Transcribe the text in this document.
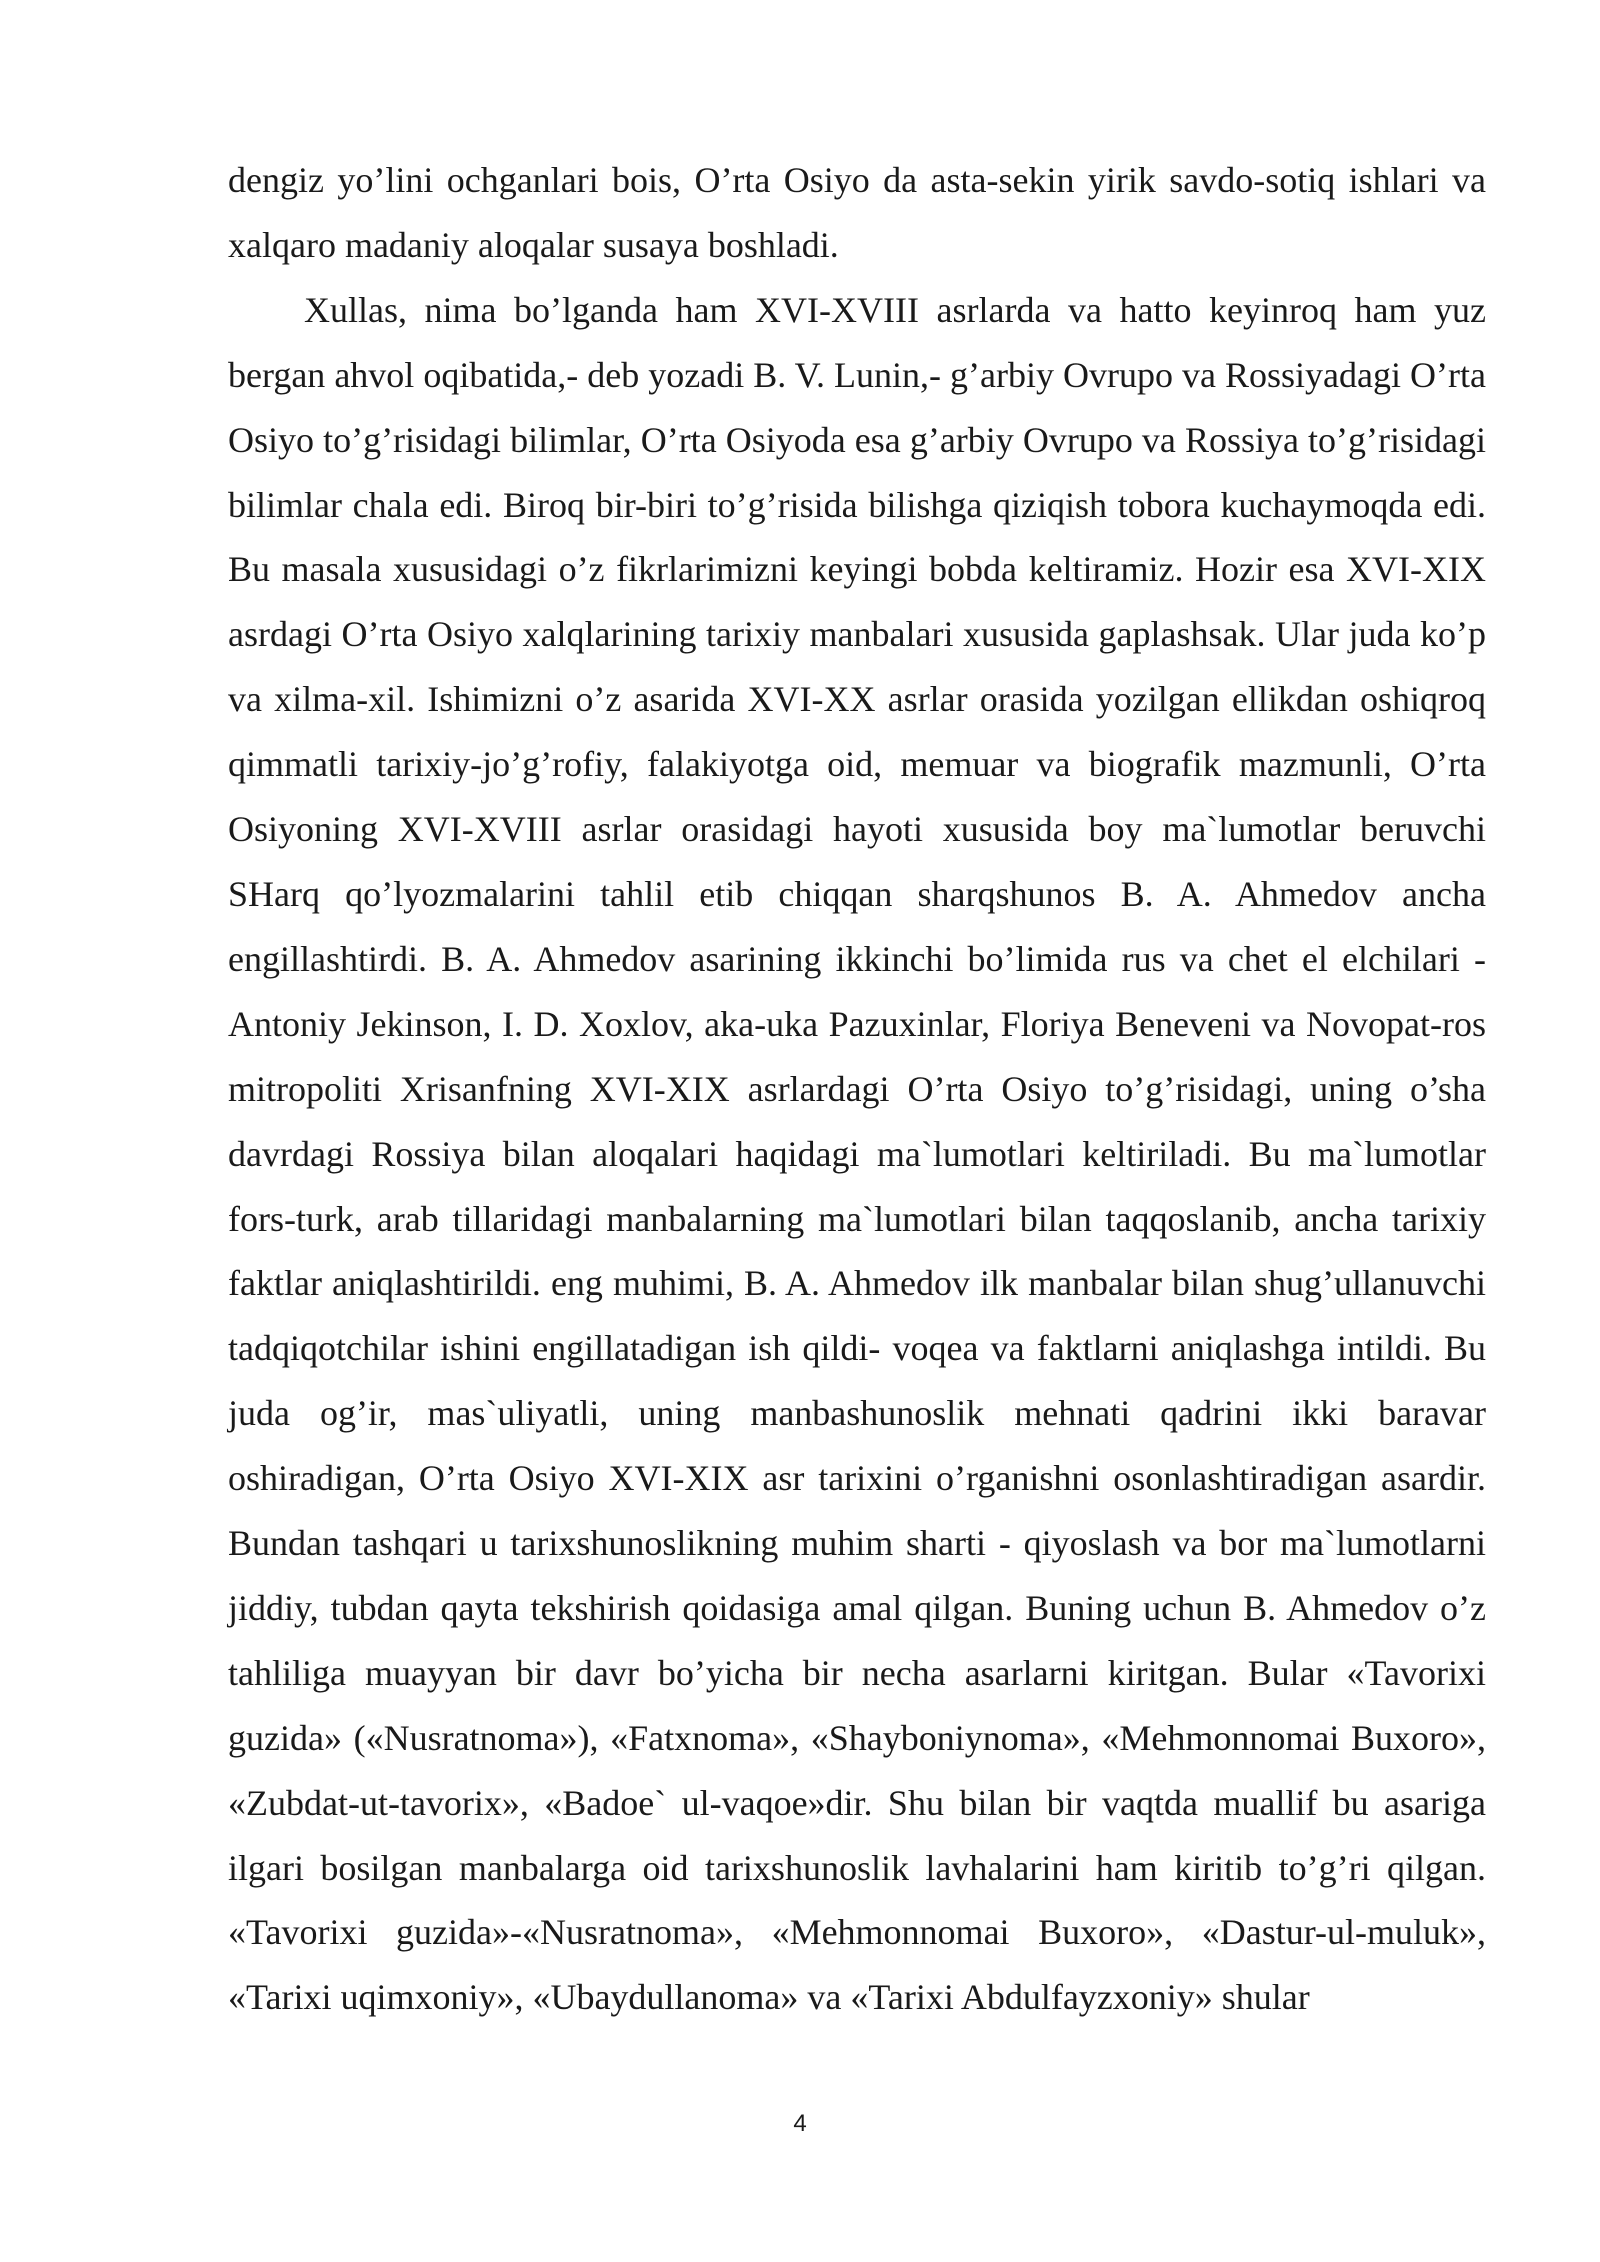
dengiz yo’lini ochganlari bois, O’rta Osiyo da asta-sekin yirik savdo-sotiq ishlari va xalqaro madaniy aloqalar susaya boshladi.

Xullas, nima bo’lganda ham XVI-XVIII asrlarda va hatto keyinroq ham yuz bergan ahvol oqibatida,- deb yozadi B. V. Lunin,- g’arbiy Ovrupo va Rossiyadagi O’rta Osiyo to’g’risidagi bilimlar, O’rta Osiyoda esa g’arbiy Ovrupo va Rossiya to’g’risidagi bilimlar chala edi. Biroq bir-biri to’g’risida bilishga qiziqish tobora kuchaymoqda edi. Bu masala xususidagi o’z fikrlarimizni keyingi bobda keltiramiz. Hozir esa XVI-XIX asrdagi O’rta Osiyo xalqlarining tarixiy manbalari xususida gaplashsak. Ular juda ko’p va xilma-xil. Ishimizni o’z asarida XVI-XX asrlar orasida yozilgan ellikdan oshiqroq qimmatli tarixiy-jo’g’rofiy, falakiyotga oid, memuar va biografik mazmunli, O’rta Osiyoning XVI-XVIII asrlar orasidagi hayoti xususida boy ma`lumotlar beruvchi SHarq qo’lyozmalarini tahlil etib chiqqan sharqshunos B. A. Ahmedov ancha engillashtirdi. B. A. Ahmedov asarining ikkinchi bo’limida rus va chet el elchilari - Antoniy Jekinson, I. D. Xoxlov, aka-uka Pazuxinlar, Floriya Beneveni va Novopat-ros mitropoliti Xrisanfning XVI-XIX asrlardagi O’rta Osiyo to’g’risidagi, uning o’sha davrdagi Rossiya bilan aloqalari haqidagi ma`lumotlari keltiriladi. Bu ma`lumotlar fors-turk, arab tillaridagi manbalarning ma`lumotlari bilan taqqoslanib, ancha tarixiy faktlar aniqlashtirildi. eng muhimi, B. A. Ahmedov ilk manbalar bilan shug’ullanuvchi tadqiqotchilar ishini engillatadigan ish qildi- voqea va faktlarni aniqlashga intildi. Bu juda og’ir, mas`uliyatli, uning manbashunoslik mehnati qadrini ikki baravar oshiradigan, O’rta Osiyo XVI-XIX asr tarixini o’rganishni osonlashtiradigan asardir. Bundan tashqari u tarixshunoslikning muhim sharti - qiyoslash va bor ma`lumotlarni jiddiy, tubdan qayta tekshirish qoidasiga amal qilgan. Buning uchun B. Ahmedov o’z tahliliga muayyan bir davr bo’yicha bir necha asarlarni kiritgan. Bular «Tavorixi guzida» («Nusratnoma»), «Fatxnoma», «Shayboniynoma», «Mehmonnomai Buxoro», «Zubdat-ut-tavorix», «Badoe` ul-vaqoe»dir. Shu bilan bir vaqtda muallif bu asariga ilgari bosilgan manbalarga oid tarixshunoslik lavhalarini ham kiritib to’g’ri qilgan. «Tavorixi guzida»-«Nusratnoma», «Mehmonnomai Buxoro», «Dastur-ul-muluk», «Tarixi uqimxoniy», «Ubaydullanoma» va «Tarixi Abdulfayzxoniy» shular

4
